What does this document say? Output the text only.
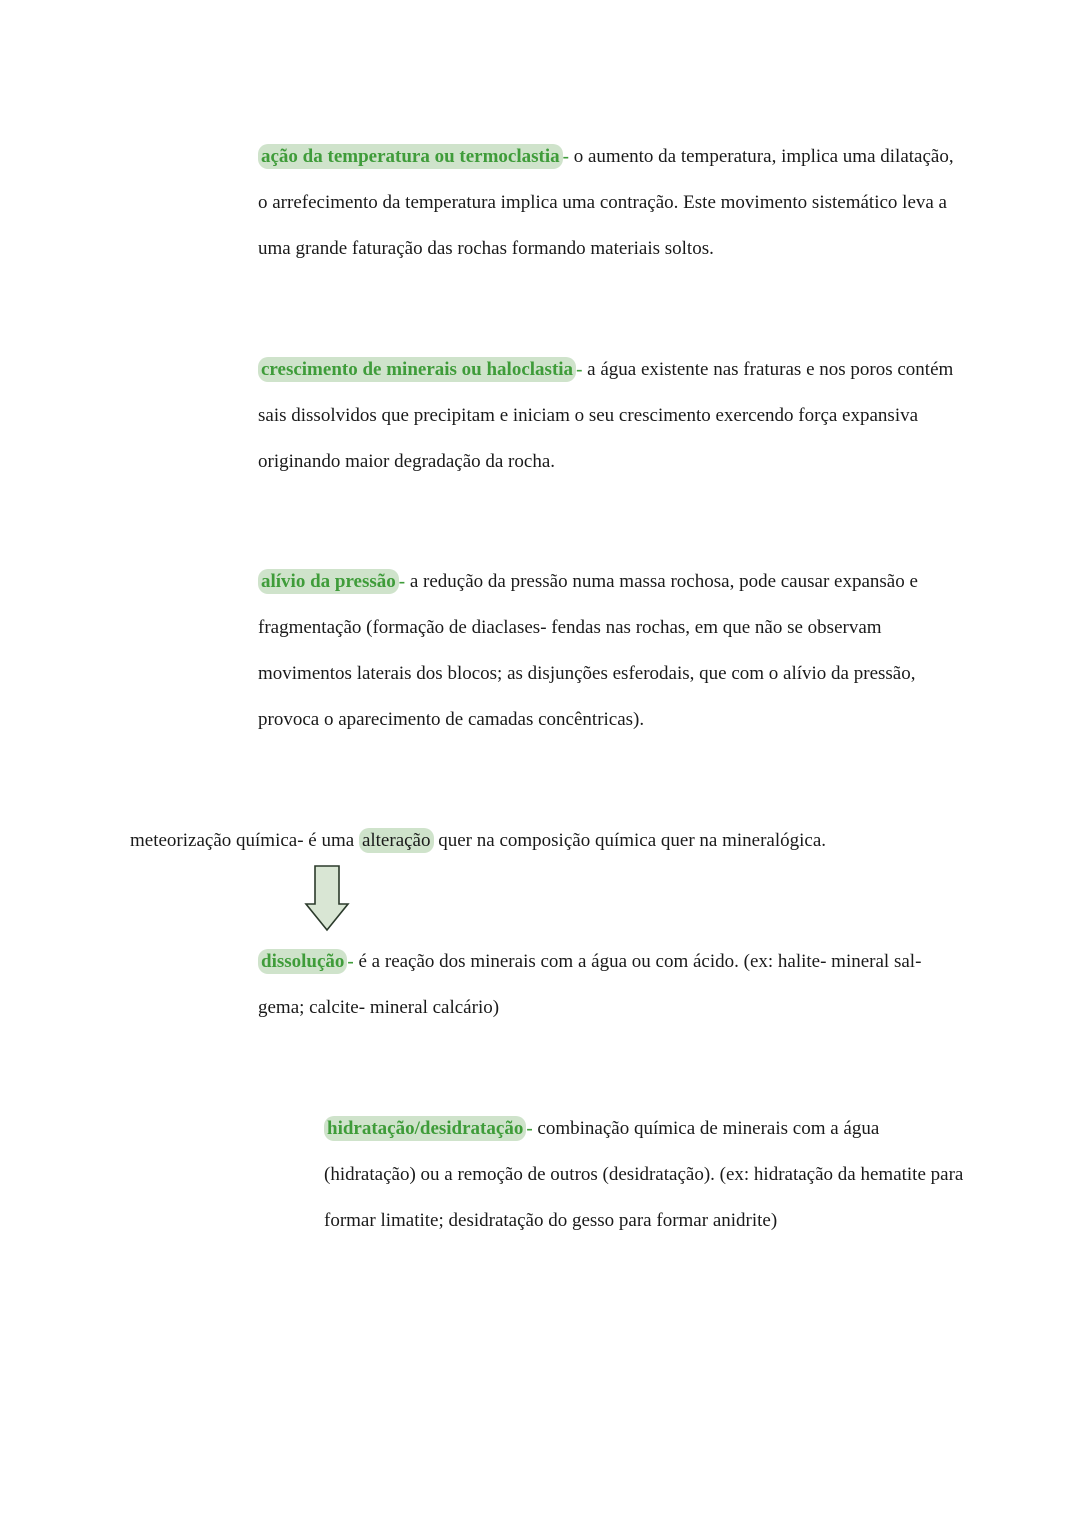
ação da temperatura ou termoclastia - o aumento da temperatura, implica uma dilatação, o arrefecimento da temperatura implica uma contração. Este movimento sistemático leva a uma grande faturação das rochas formando materiais soltos.

crescimento de minerais ou haloclastia - a água existente nas fraturas e nos poros contém sais dissolvidos que precipitam e iniciam o seu crescimento exercendo força expansiva originando maior degradação da rocha.

alívio da pressão - a redução da pressão numa massa rochosa, pode causar expansão e fragmentação (formação de diaclases- fendas nas rochas, em que não se observam movimentos laterais dos blocos; as disjunções esferodais, que com o alívio da pressão, provoca o aparecimento de camadas concêntricas).

meteorização química- é uma alteração quer na composição química quer na mineralógica.

dissolução - é a reação dos minerais com a água ou com ácido. (ex: halite- mineral sal-gema; calcite- mineral calcário)

hidratação/desidratação - combinação química de minerais com a água (hidratação) ou a remoção de outros (desidratação). (ex: hidratação da hematite para formar limatite; desidratação do gesso para formar anidrite)
